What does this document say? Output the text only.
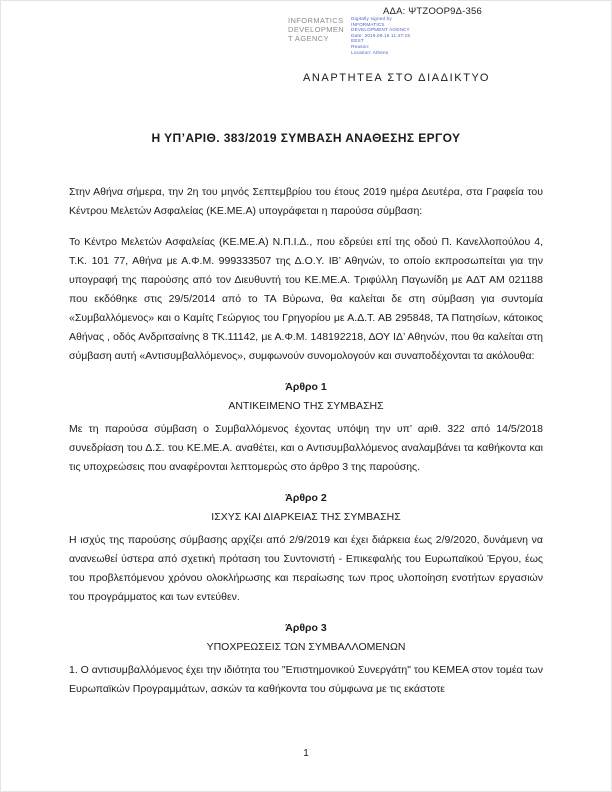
ΑΔΑ: ΨΤΖΟΟΡ9Δ-356
INFORMATICS
DEVELOPMEN
T AGENCY
Digitally signed by
INFORMATICS
DEVELOPMENT AGENCY
Date: 2019.09.16 11:47:15
EEST
Reason:
Location: Athens
ΑΝΑΡΤΗΤΕΑ ΣΤΟ ΔΙΑΔΙΚΤΥΟ
Η ΥΠ’ΑΡΙΘ. 383/2019 ΣΥΜΒΑΣΗ ΑΝΑΘΕΣΗΣ ΕΡΓΟΥ

Στην Αθήνα σήμερα, την 2η του μηνός Σεπτεμβρίου του έτους 2019 ημέρα Δευτέρα, στα Γραφεία του Κέντρου Μελετών Ασφαλείας (ΚΕ.ΜΕ.Α) υπογράφεται η παρούσα σύμβαση:

Το Κέντρο Μελετών Ασφαλείας (ΚΕ.ΜΕ.Α) Ν.Π.Ι.Δ., που εδρεύει επί της οδού Π. Κανελλοπούλου 4, Τ.Κ. 101 77, Αθήνα με Α.Φ.Μ. 999333507 της Δ.Ο.Υ. ΙΒ’ Αθηνών, το οποίο εκπροσωπείται για την υπογραφή της παρούσης από τον Διευθυντή του ΚΕ.ΜΕ.Α. Τριφύλλη Παγωνίδη με ΑΔΤ ΑΜ 021188 που εκδόθηκε στις 29/5/2014 από το ΤΑ Βύρωνα, θα καλείται δε στη σύμβαση για συντομία «Συμβαλλόμενος» και ο Καμίτς Γεώργιος του Γρηγορίου με Α.Δ.Τ. ΑΒ 295848, ΤΑ Πατησίων, κάτοικος Αθήνας , οδός Ανδριτσαίνης 8 ΤΚ.11142, με Α.Φ.Μ. 148192218, ΔΟΥ ΙΔ’ Αθηνών, που θα καλείται στη σύμβαση αυτή «Αντισυμβαλλόμενος», συμφωνούν συνομολογούν και συναποδέχονται τα ακόλουθα:

Άρθρο 1
ΑΝΤΙΚΕΙΜΕΝΟ ΤΗΣ ΣΥΜΒΑΣΗΣ

Με τη παρούσα σύμβαση ο Συμβαλλόμενος έχοντας υπόψη την υπ’ αριθ. 322 από 14/5/2018 συνεδρίαση του Δ.Σ. του ΚΕ.ΜΕ.Α. αναθέτει, και ο Αντισυμβαλλόμενος αναλαμβάνει τα καθήκοντα και τις υποχρεώσεις που αναφέρονται λεπτομερώς στο άρθρο 3 της παρούσης.

Άρθρο 2
ΙΣΧΥΣ ΚΑΙ ΔΙΑΡΚΕΙΑΣ ΤΗΣ ΣΥΜΒΑΣΗΣ

Η ισχύς της παρούσης σύμβασης αρχίζει από 2/9/2019 και έχει διάρκεια έως 2/9/2020, δυνάμενη να ανανεωθεί ύστερα από σχετική πρόταση του Συντονιστή - Επικεφαλής του Ευρωπαϊκού Έργου, έως του προβλεπόμενου χρόνου ολοκλήρωσης και περαίωσης των προς υλοποίηση ενοτήτων εργασιών του προγράμματος και των εντεύθεν.

Άρθρο 3
ΥΠΟΧΡΕΩΣΕΙΣ ΤΩΝ ΣΥΜΒΑΛΛΟΜΕΝΩΝ

1. Ο αντισυμβαλλόμενος έχει την ιδιότητα του "Επιστημονικού Συνεργάτη" του ΚΕΜΕΑ στον τομέα των Ευρωπαϊκών Προγραμμάτων, ασκών τα καθήκοντα του σύμφωνα με τις εκάστοτε

1
